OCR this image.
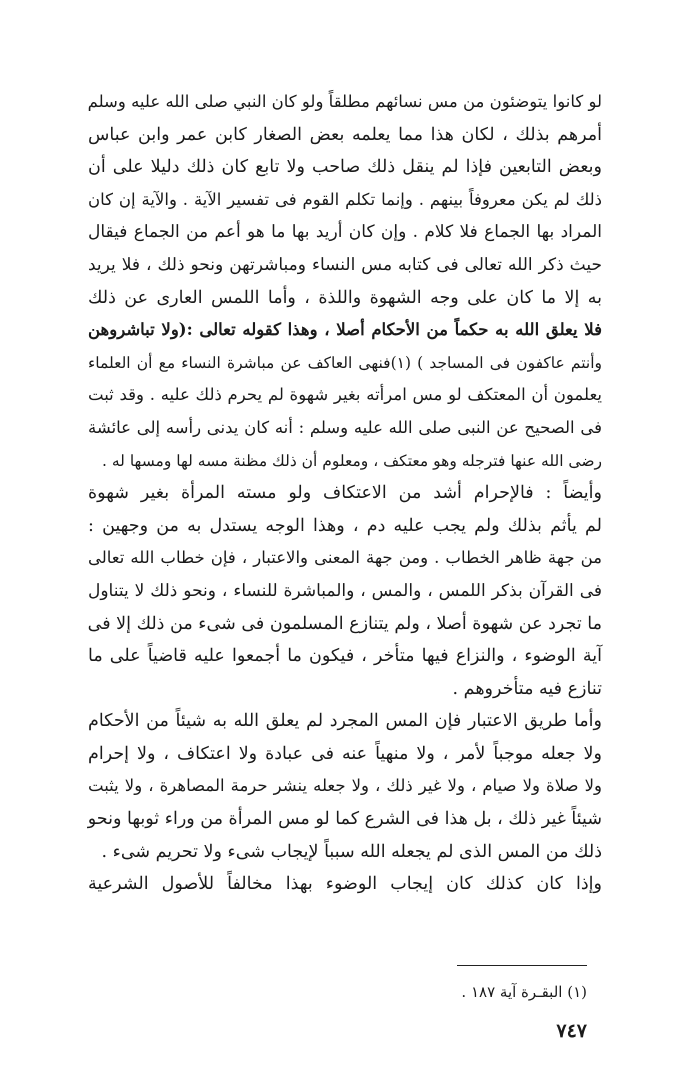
لو كانوا يتوضئون من مس نسائهم مطلقاً ولو كان النبي صلى الله عليه وسلم
أمرهم بذلك ، لكان هذا مما يعلمه بعض الصغار كابن عمر وابن عباس
وبعض التابعين فإذا لم ينقل ذلك صاحب ولا تابع كان ذلك دليلا على أن
ذلك لم يكن معروفاً بينهم . وإنما تكلم القوم فى تفسير الآية . والآية إن كان
المراد بها الجماع فلا كلام . وإن كان أريد بها ما هو أعم من الجماع فيقال
حيث ذكر الله تعالى فى كتابه مس النساء ومباشرتهن ونحو ذلك ، فلا يريد
به إلا ما كان على وجه الشهوة واللذة ، وأما اللمس العارى عن ذلك
فلا يعلق الله به حكماً من الأحكام أصلا ، وهذا كقوله تعالى :(ولا تباشروهن
وأنتم عاكفون فى المساجد ) (١)فنهى العاكف عن مباشرة النساء مع أن العلماء
يعلمون أن المعتكف لو مس امرأته بغير شهوة لم يحرم ذلك عليه . وقد ثبت
فى الصحيح عن النبى صلى الله عليه وسلم : أنه كان يدنى رأسه إلى عائشة
رضى الله عنها فترجله وهو معتكف ، ومعلوم أن ذلك مظنة مسه لها ومسها له .
وأيضاً : فالإحرام أشد من الاعتكاف ولو مسته المرأة بغير شهوة
لم يأثم بذلك ولم يجب عليه دم ، وهذا الوجه يستدل به من وجهين :
من جهة ظاهر الخطاب . ومن جهة المعنى والاعتبار ، فإن خطاب الله تعالى
فى القرآن بذكر اللمس ، والمس ، والمباشرة للنساء ، ونحو ذلك لا يتناول
ما تجرد عن شهوة أصلا ، ولم يتنازع المسلمون فى شىء من ذلك إلا فى
آية الوضوء ، والنزاع فيها متأخر ، فيكون ما أجمعوا عليه قاضياً على ما
تنازع فيه متأخروهم .
وأما طريق الاعتبار فإن المس المجرد لم يعلق الله به شيئاً من الأحكام
ولا جعله موجباً لأمر ، ولا منهياً عنه فى عبادة ولا اعتكاف ، ولا إحرام
ولا صلاة ولا صيام ، ولا غير ذلك ، ولا جعله ينشر حرمة المصاهرة ، ولا يثبت
شيئاً غير ذلك ، بل هذا فى الشرع كما لو مس المرأة من وراء ثوبها ونحو
ذلك من المس الذى لم يجعله الله سبباً لإيجاب شىء ولا تحريم شىء .
وإذا كان كذلك كان إيجاب الوضوء بهذا مخالفاً للأصول الشرعية
(١) البقـرة آية ١٨٧ .
٧٤٧
